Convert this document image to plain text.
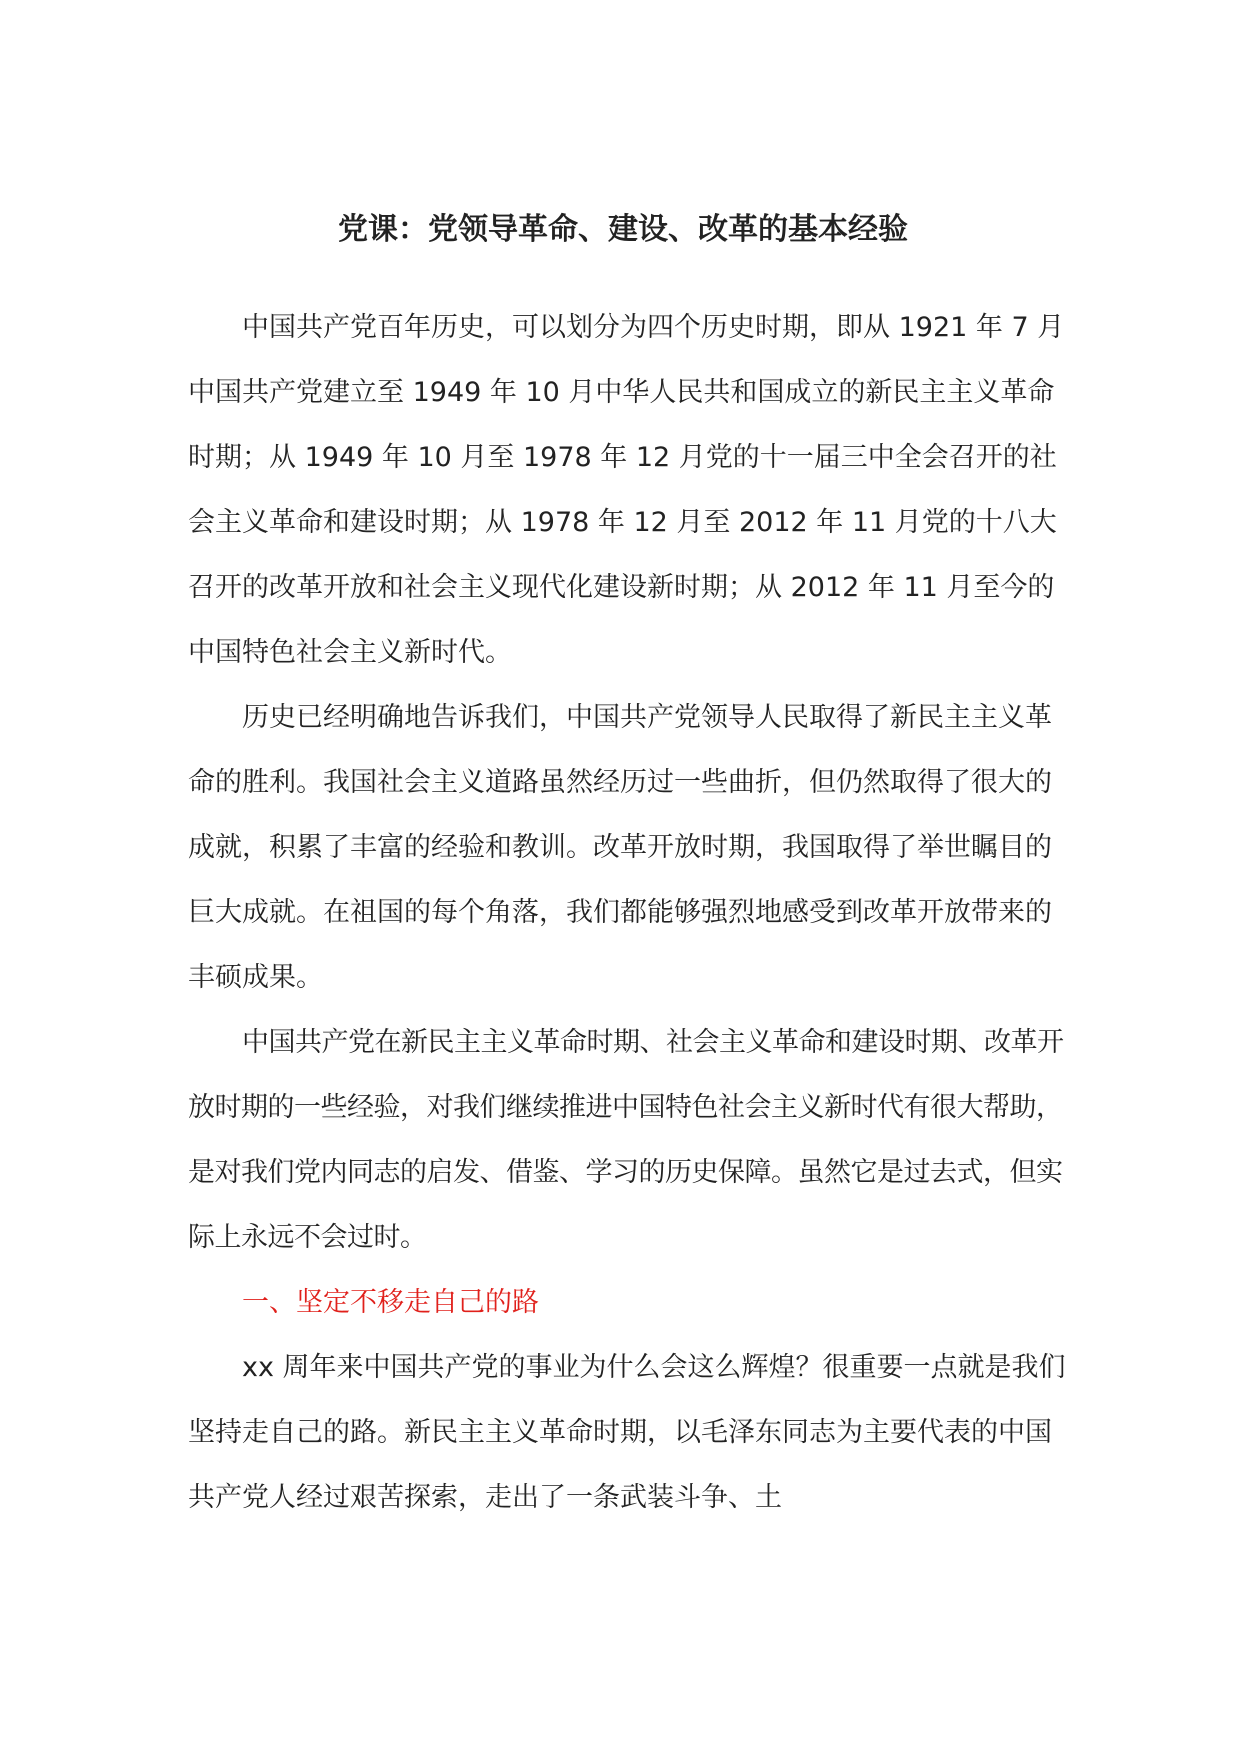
党课：党领导革命、建设、改革的基本经验

中国共产党百年历史，可以划分为四个历史时期，即从 1921 年 7 月中国共产党建立至 1949 年 10 月中华人民共和国成立的新民主主义革命时期；从 1949 年 10 月至 1978 年 12 月党的十一届三中全会召开的社会主义革命和建设时期；从 1978 年 12 月至 2012 年 11 月党的十八大召开的改革开放和社会主义现代化建设新时期；从 2012 年 11 月至今的中国特色社会主义新时代。

历史已经明确地告诉我们，中国共产党领导人民取得了新民主主义革命的胜利。我国社会主义道路虽然经历过一些曲折，但仍然取得了很大的成就，积累了丰富的经验和教训。改革开放时期，我国取得了举世瞩目的巨大成就。在祖国的每个角落，我们都能够强烈地感受到改革开放带来的丰硕成果。

中国共产党在新民主主义革命时期、社会主义革命和建设时期、改革开放时期的一些经验，对我们继续推进中国特色社会主义新时代有很大帮助，是对我们党内同志的启发、借鉴、学习的历史保障。虽然它是过去式，但实际上永远不会过时。

一、坚定不移走自己的路

xx 周年来中国共产党的事业为什么会这么辉煌？很重要一点就是我们坚持走自己的路。新民主主义革命时期，以毛泽东同志为主要代表的中国共产党人经过艰苦探索，走出了一条武装斗争、土
